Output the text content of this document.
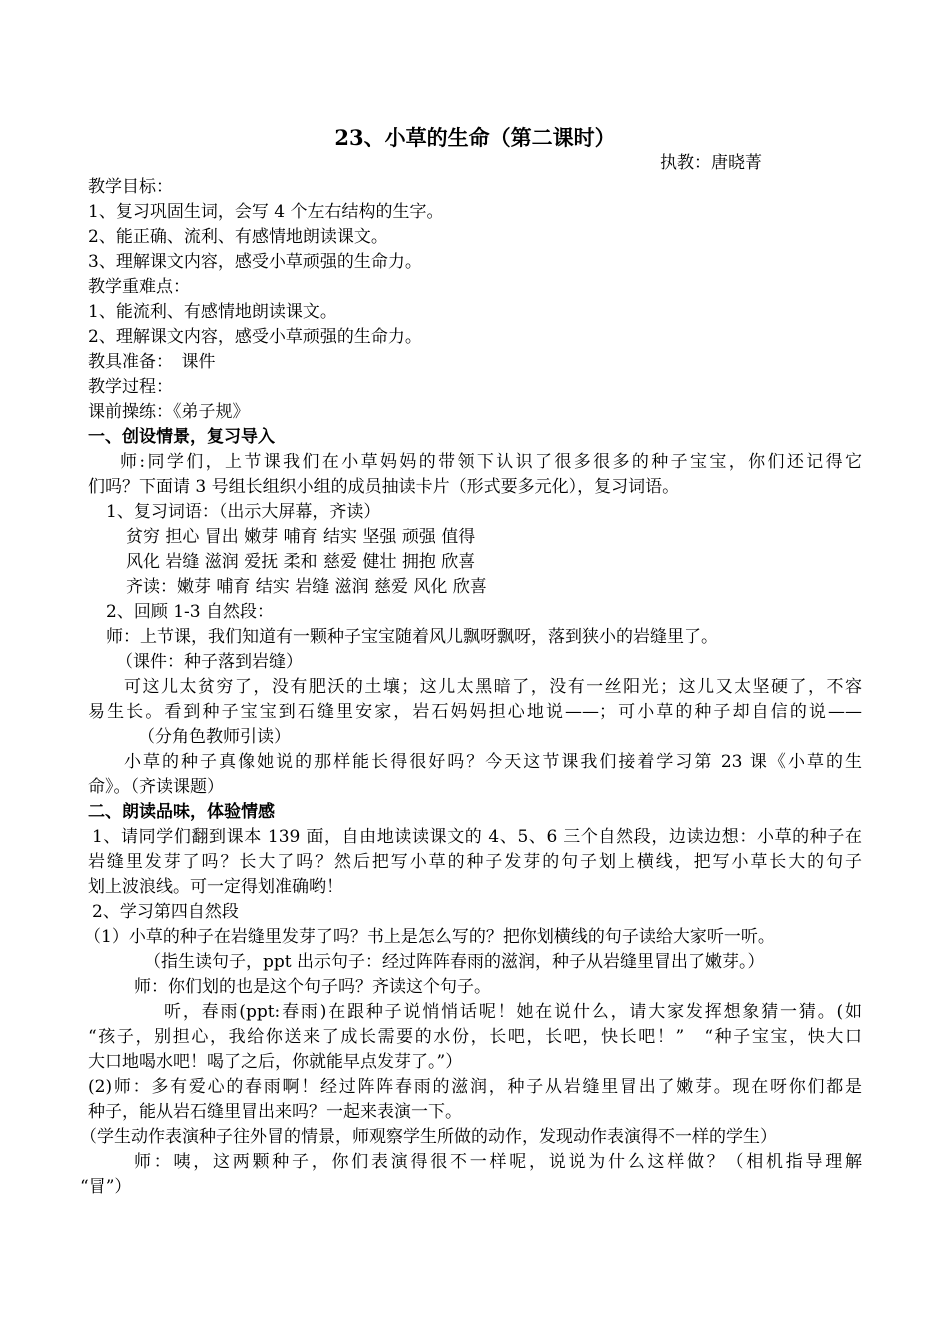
23、小草的生命（第二课时）
执教：唐晓菁
教学目标：
1、复习巩固生词，会写 4 个左右结构的生字。
2、能正确、流利、有感情地朗读课文。
3、理解课文内容，感受小草顽强的生命力。
教学重难点：
1、能流利、有感情地朗读课文。
2、理解课文内容，感受小草顽强的生命力。
教具准备：　课件
教学过程：
课前操练：《弟子规》
一、创设情景，复习导入
师:同学们，上节课我们在小草妈妈的带领下认识了很多很多的种子宝宝，你们还记得它
们吗？下面请 3 号组长组织小组的成员抽读卡片（形式要多元化），复习词语。
1、复习词语：（出示大屏幕，齐读）
贫穷 担心 冒出 嫩芽 哺育 结实 坚强 顽强 值得
风化 岩缝 滋润 爱抚 柔和 慈爱 健壮 拥抱 欣喜
齐读：嫩芽 哺育 结实 岩缝 滋润 慈爱 风化 欣喜
2、回顾 1-3 自然段：
师：上节课，我们知道有一颗种子宝宝随着风儿飘呀飘呀，落到狭小的岩缝里了。
（课件：种子落到岩缝）
可这儿太贫穷了，没有肥沃的土壤；这儿太黑暗了，没有一丝阳光；这儿又太坚硬了，不容
易生长。看到种子宝宝到石缝里安家，岩石妈妈担心地说——；可小草的种子却自信的说——
（分角色教师引读）
小草的种子真像她说的那样能长得很好吗？今天这节课我们接着学习第 23 课《小草的生
命》。（齐读课题）
二、朗读品味，体验情感
1、请同学们翻到课本 139 面，自由地读读课文的 4、5、6 三个自然段，边读边想：小草的种子在
岩缝里发芽了吗？长大了吗？然后把写小草的种子发芽的句子划上横线，把写小草长大的句子
划上波浪线。可一定得划准确哟！
2、学习第四自然段
（1）小草的种子在岩缝里发芽了吗？书上是怎么写的？把你划横线的句子读给大家听一听。
（指生读句子，ppt 出示句子：经过阵阵春雨的滋润，种子从岩缝里冒出了嫩芽。）
师：你们划的也是这个句子吗？齐读这个句子。
听，春雨(ppt:春雨)在跟种子说悄悄话呢！她在说什么，请大家发挥想象猜一猜。(如
“孩子，别担心，我给你送来了成长需要的水份，长吧，长吧，快长吧！”　“种子宝宝，快大口
大口地喝水吧！喝了之后，你就能早点发芽了。”）
(2)师：多有爱心的春雨啊！经过阵阵春雨的滋润，种子从岩缝里冒出了嫩芽。现在呀你们都是
种子，能从岩石缝里冒出来吗？一起来表演一下。
（学生动作表演种子往外冒的情景，师观察学生所做的动作，发现动作表演得不一样的学生）
师：咦，这两颗种子，你们表演得很不一样呢，说说为什么这样做？（相机指导理解
“冒”）
